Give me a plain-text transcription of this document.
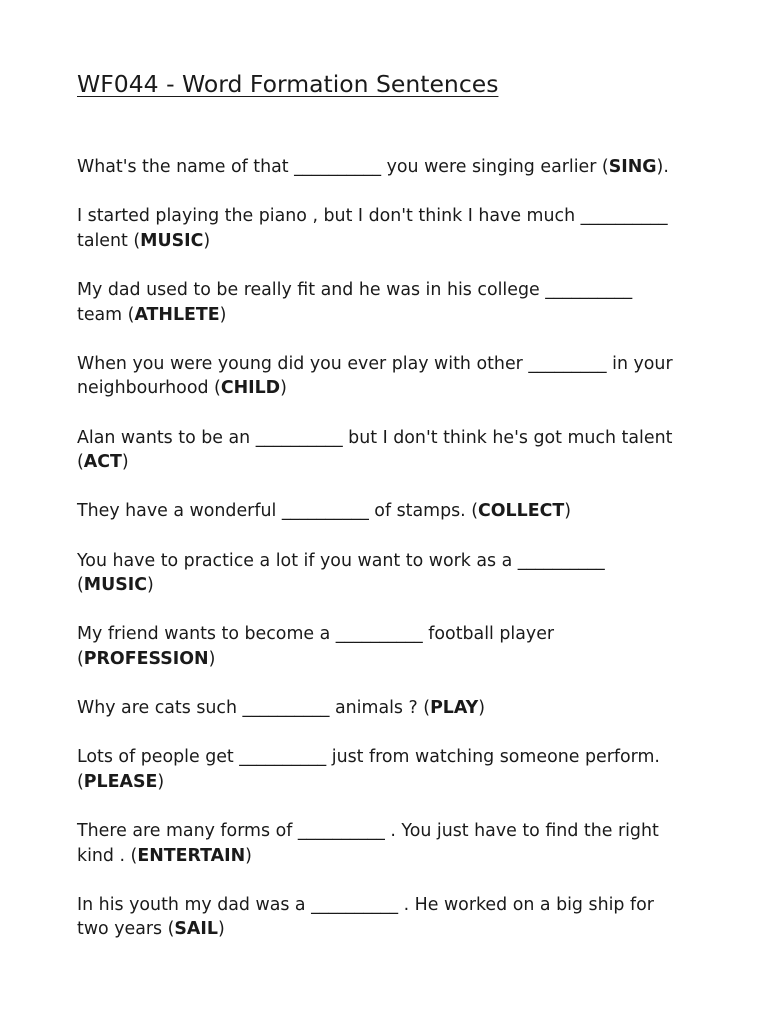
WF044 - Word Formation Sentences
What's the name of that __________ you were singing earlier (SING).
I started playing the piano , but I don't think I have much __________
talent (MUSIC)
My dad used to be really fit and he was in his college __________
team (ATHLETE)
When you were young did you ever play with other _________ in your
neighbourhood (CHILD)
Alan wants to be an __________ but I don't think he's got much talent
(ACT)
They have a wonderful __________ of stamps. (COLLECT)
You have to practice a lot if you want to work as a __________
(MUSIC)
My friend wants to become a __________ football player
(PROFESSION)
Why are cats such __________ animals ? (PLAY)
Lots of people get __________ just from watching someone perform.
(PLEASE)
There are many forms of __________ . You just have to find the right
kind . (ENTERTAIN)
In his youth my dad was a __________ . He worked on a big ship for
two years (SAIL)
